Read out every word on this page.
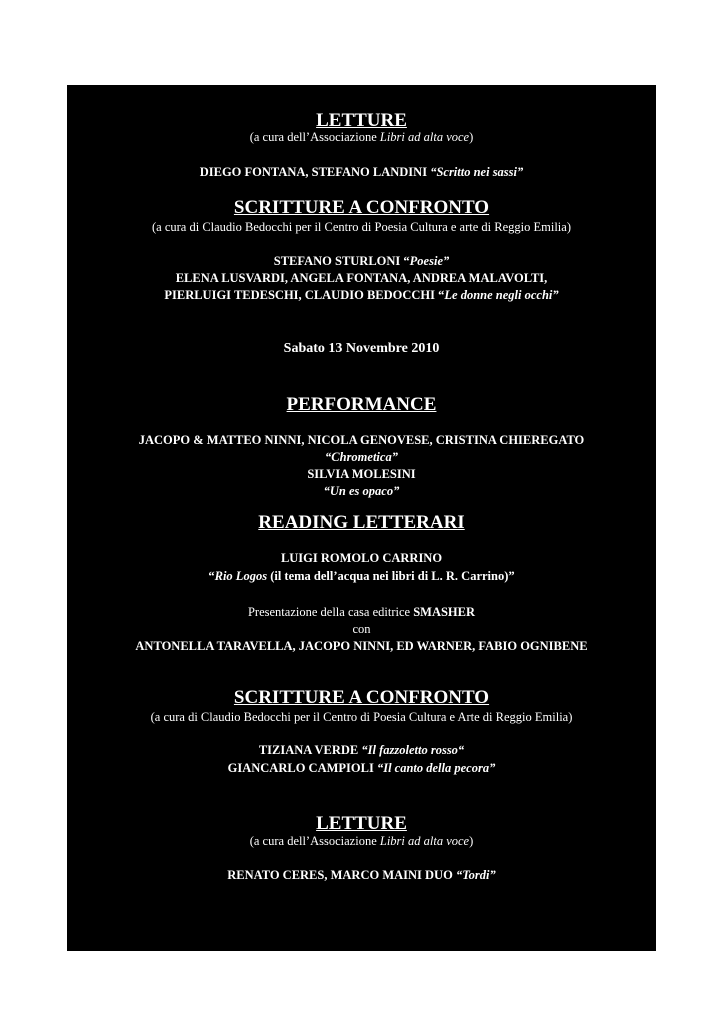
LETTURE
(a cura dell’Associazione Libri ad alta voce)
DIEGO FONTANA, STEFANO LANDINI “Scritto nei sassi”
SCRITTURE A CONFRONTO
(a cura di Claudio Bedocchi per il Centro di Poesia Cultura e arte di Reggio Emilia)
STEFANO STURLONI “Poesie”
ELENA LUSVARDI, ANGELA FONTANA, ANDREA MALAVOLTI,
PIERLUIGI TEDESCHI, CLAUDIO BEDOCCHI “Le donne negli occhi”
Sabato 13 Novembre 2010
PERFORMANCE
JACOPO & MATTEO NINNI, NICOLA GENOVESE, CRISTINA CHIEREGATO
“Chrometica”
SILVIA MOLESINI
“Un es opaco”
READING LETTERARI
LUIGI ROMOLO CARRINO
“Rio Logos (il tema dell’acqua nei libri di L. R. Carrino)”
Presentazione della casa editrice SMASHER
con
ANTONELLA TARAVELLA, JACOPO NINNI, ED WARNER, FABIO OGNIBENE
SCRITTURE A CONFRONTO
(a cura di Claudio Bedocchi per il Centro di Poesia Cultura e Arte di Reggio Emilia)
TIZIANA VERDE “Il fazzoletto rosso“
GIANCARLO CAMPIOLI “Il canto della pecora”
LETTURE
(a cura dell’Associazione Libri ad alta voce)
RENATO CERES, MARCO MAINI DUO “Tordi”
